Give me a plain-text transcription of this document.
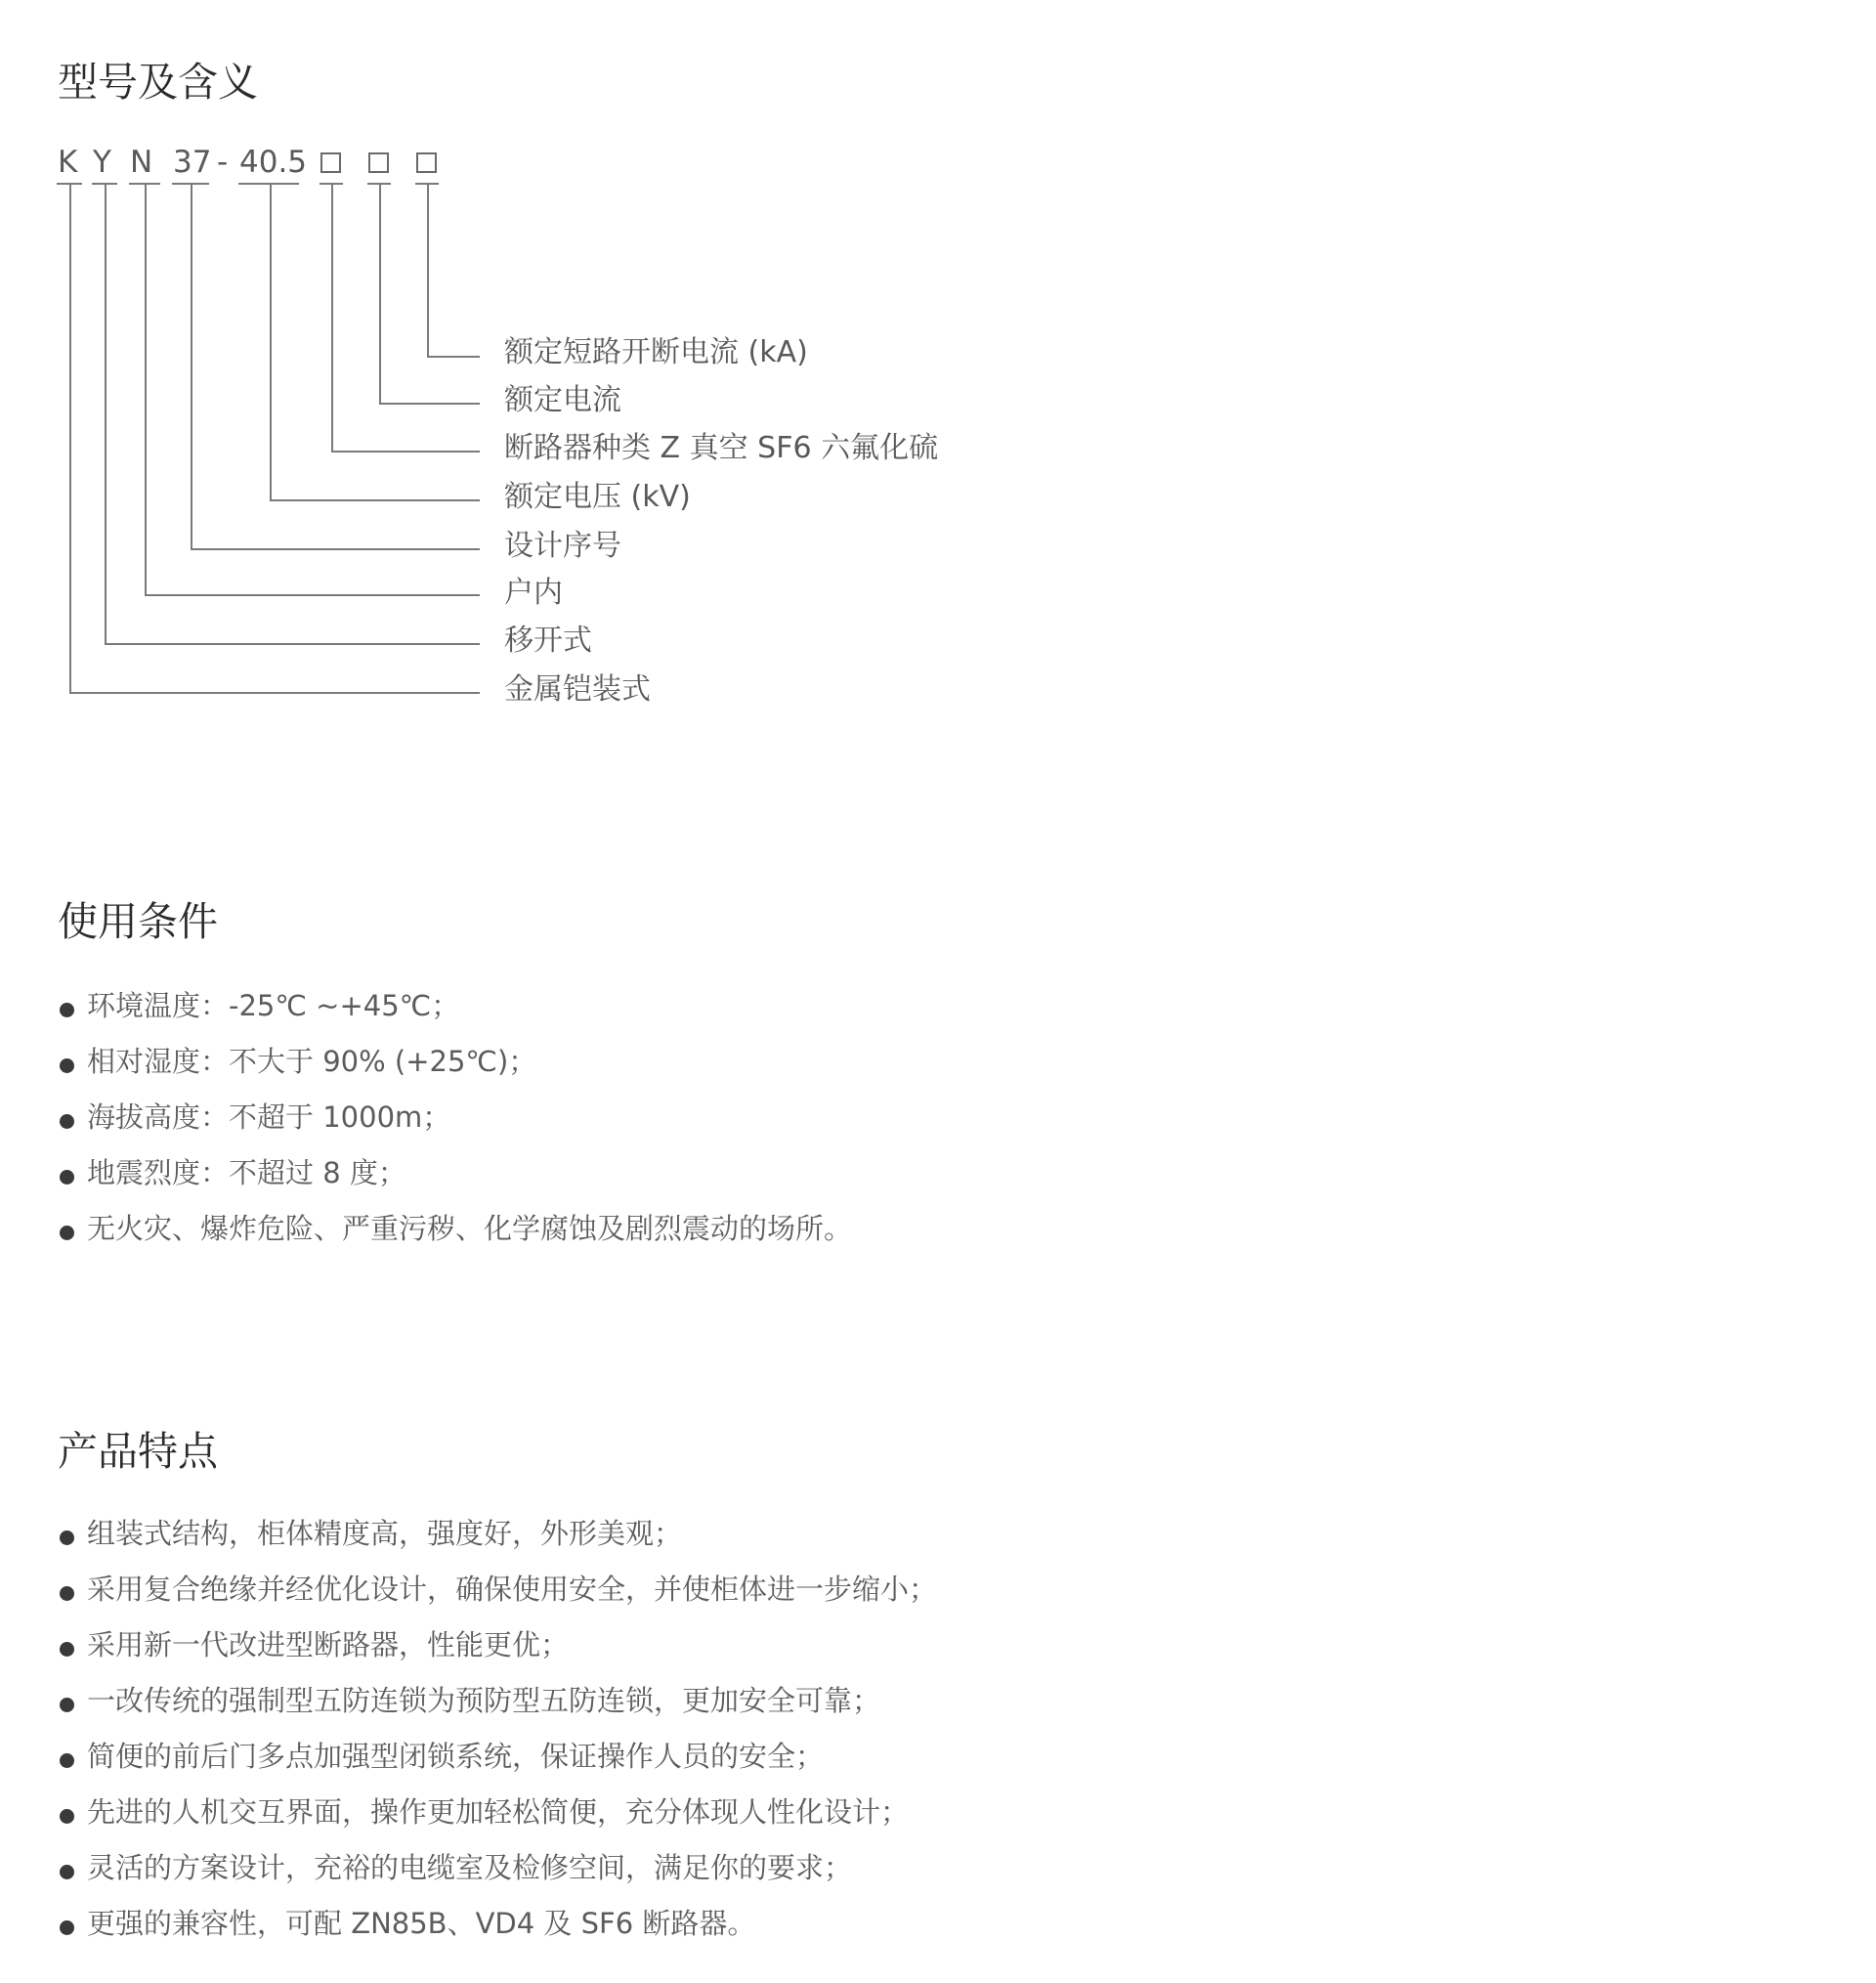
型号及含义
K Y N 37 - 40.5
额定短路开断电流 (kA)
额定电流
断路器种类 Z 真空 SF6 六氟化硫
额定电压 (kV)
设计序号
户内
移开式
金属铠装式
使用条件
环境温度：-25℃ ~+45℃；
相对湿度：不大于 90% (+25℃)；
海拔高度：不超于 1000m；
地震烈度：不超过 8 度；
无火灾、爆炸危险、严重污秽、化学腐蚀及剧烈震动的场所。
产品特点
组装式结构，柜体精度高，强度好，外形美观；
采用复合绝缘并经优化设计，确保使用安全，并使柜体进一步缩小；
采用新一代改进型断路器，性能更优；
一改传统的强制型五防连锁为预防型五防连锁，更加安全可靠；
简便的前后门多点加强型闭锁系统，保证操作人员的安全；
先进的人机交互界面，操作更加轻松简便，充分体现人性化设计；
灵活的方案设计，充裕的电缆室及检修空间，满足你的要求；
更强的兼容性，可配 ZN85B、VD4 及 SF6 断路器。
